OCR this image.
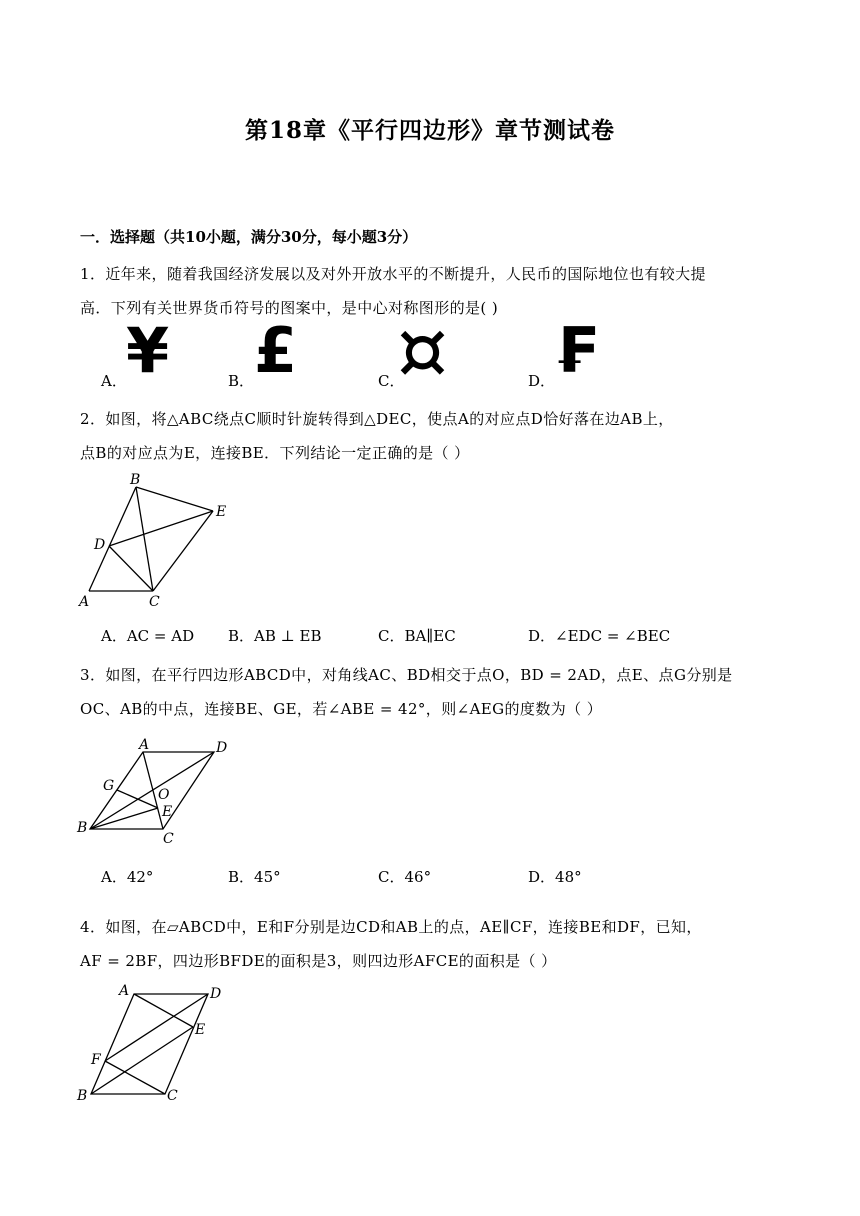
第18章《平行四边形》章节测试卷
一．选择题（共10小题，满分30分，每小题3分）
1．近年来，随着我国经济发展以及对外开放水平的不断提升，人民币的国际地位也有较大提
高．下列有关世界货币符号的图案中，是中心对称图形的是( )
A． ¥	B． £	C．
¤	D．
₣
2．如图，将△ABC绕点C顺时针旋转得到△DEC，使点A的对应点D恰好落在边AB上，
点B的对应点为E，连接BE．下列结论一定正确的是（ ）
B
E
D
A	C
A．AC = AD B．AB ⊥ EB	C．BA∥EC	D．∠EDC = ∠BEC
3．如图，在平行四边形ABCD中，对角线AC、BD相交于点O，BD = 2AD，点E、点G分别是
OC、AB的中点，连接BE、GE，若∠ABE = 42°，则∠AEG的度数为（ ）
A	D
G
O
E
B
C
A．42°	B．45°	C．46°	D．48°
4．如图，在▱ABCD中，E和F分别是边CD和AB上的点，AE∥CF，连接BE和DF，已知，
AF = 2BF，四边形BFDE的面积是3，则四边形AFCE的面积是（ ）
A	D
E
F
B	C
